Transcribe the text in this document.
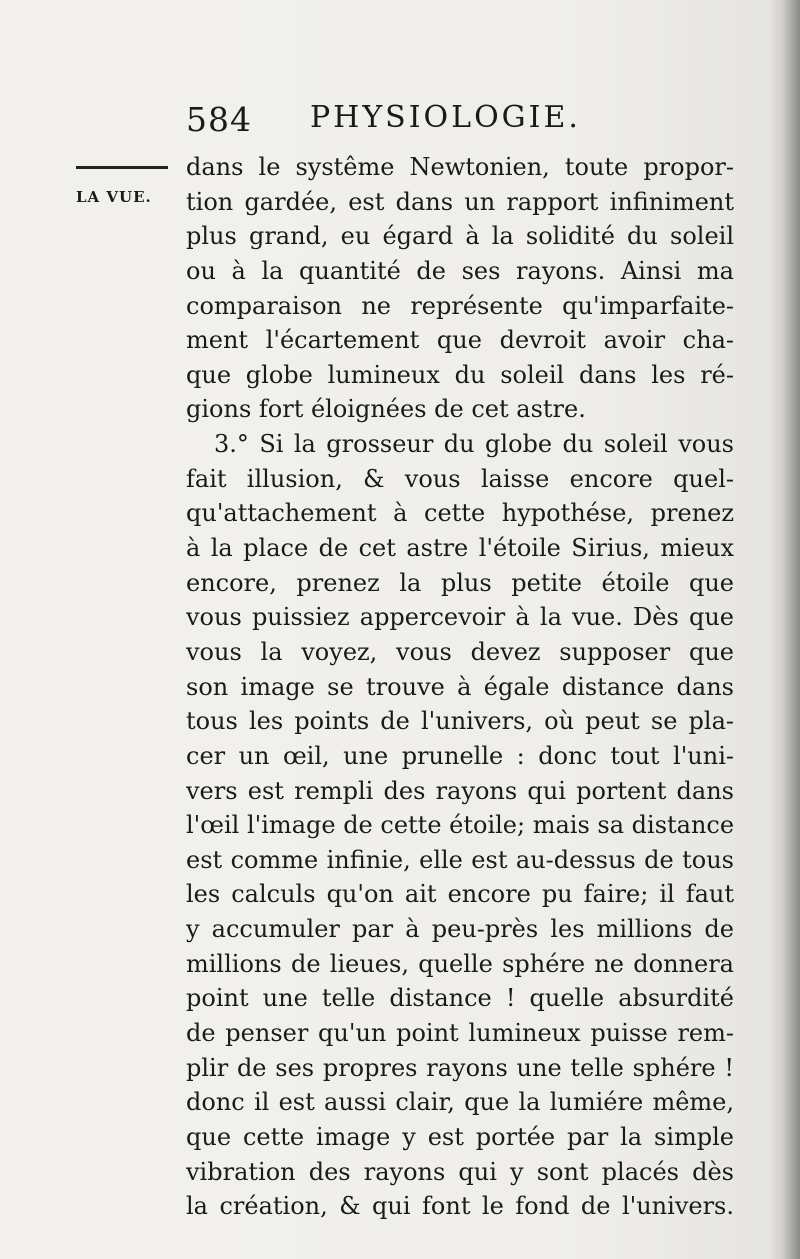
584 PHYSIOLOGIE.
LA VUE.
dans le systême Newtonien, toute propor-
tion gardée, est dans un rapport infiniment
plus grand, eu égard à la solidité du soleil
ou à la quantité de ses rayons. Ainsi ma
comparaison ne représente qu'imparfaite-
ment l'écartement que devroit avoir cha-
que globe lumineux du soleil dans les ré-
gions fort éloignées de cet astre.
3.° Si la grosseur du globe du soleil vous
fait illusion, & vous laisse encore quel-
qu'attachement à cette hypothése, prenez
à la place de cet astre l'étoile Sirius, mieux
encore, prenez la plus petite étoile que
vous puissiez appercevoir à la vue. Dès que
vous la voyez, vous devez supposer que
son image se trouve à égale distance dans
tous les points de l'univers, où peut se pla-
cer un œil, une prunelle : donc tout l'uni-
vers est rempli des rayons qui portent dans
l'œil l'image de cette étoile; mais sa distance
est comme infinie, elle est au-dessus de tous
les calculs qu'on ait encore pu faire; il faut
y accumuler par à peu-près les millions de
millions de lieues, quelle sphére ne donnera
point une telle distance ! quelle absurdité
de penser qu'un point lumineux puisse rem-
plir de ses propres rayons une telle sphére !
donc il est aussi clair, que la lumiére même,
que cette image y est portée par la simple
vibration des rayons qui y sont placés dès
la création, & qui font le fond de l'univers.
